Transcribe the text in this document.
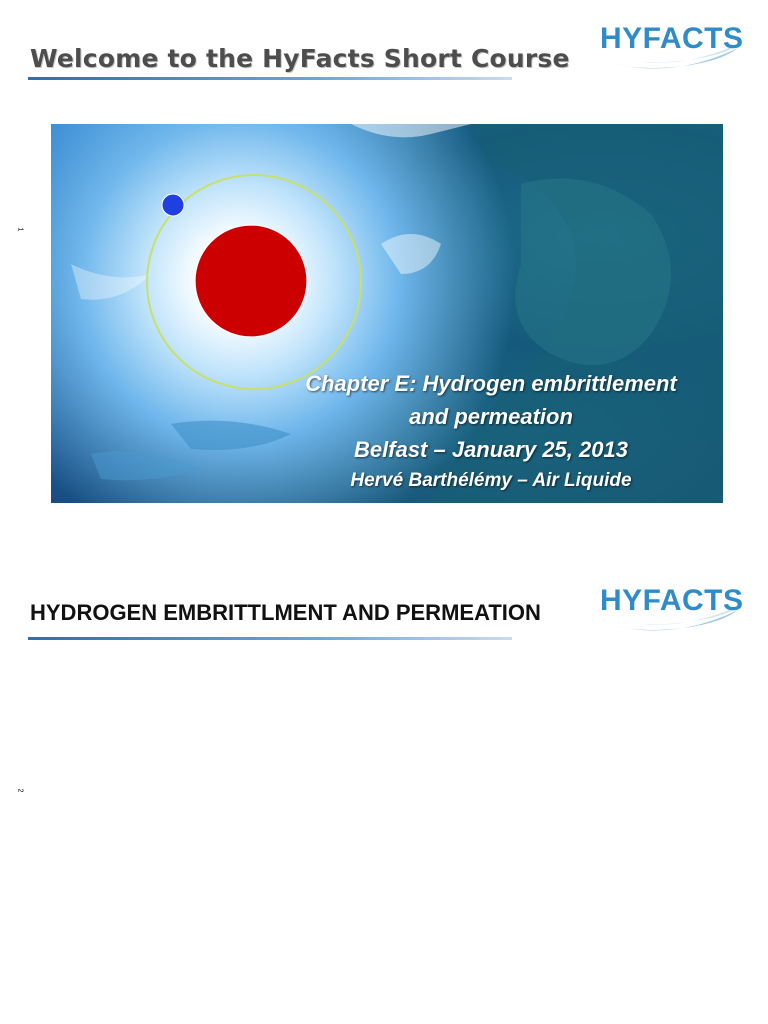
1
Welcome to the HyFacts Short Course
HYFACTS
Chapter E: Hydrogen embrittlement
and permeation
Belfast – January 25, 2013
Hervé Barthélémy – Air Liquide
2
HYDROGEN EMBRITTLMENT AND PERMEATION HYFACTS
